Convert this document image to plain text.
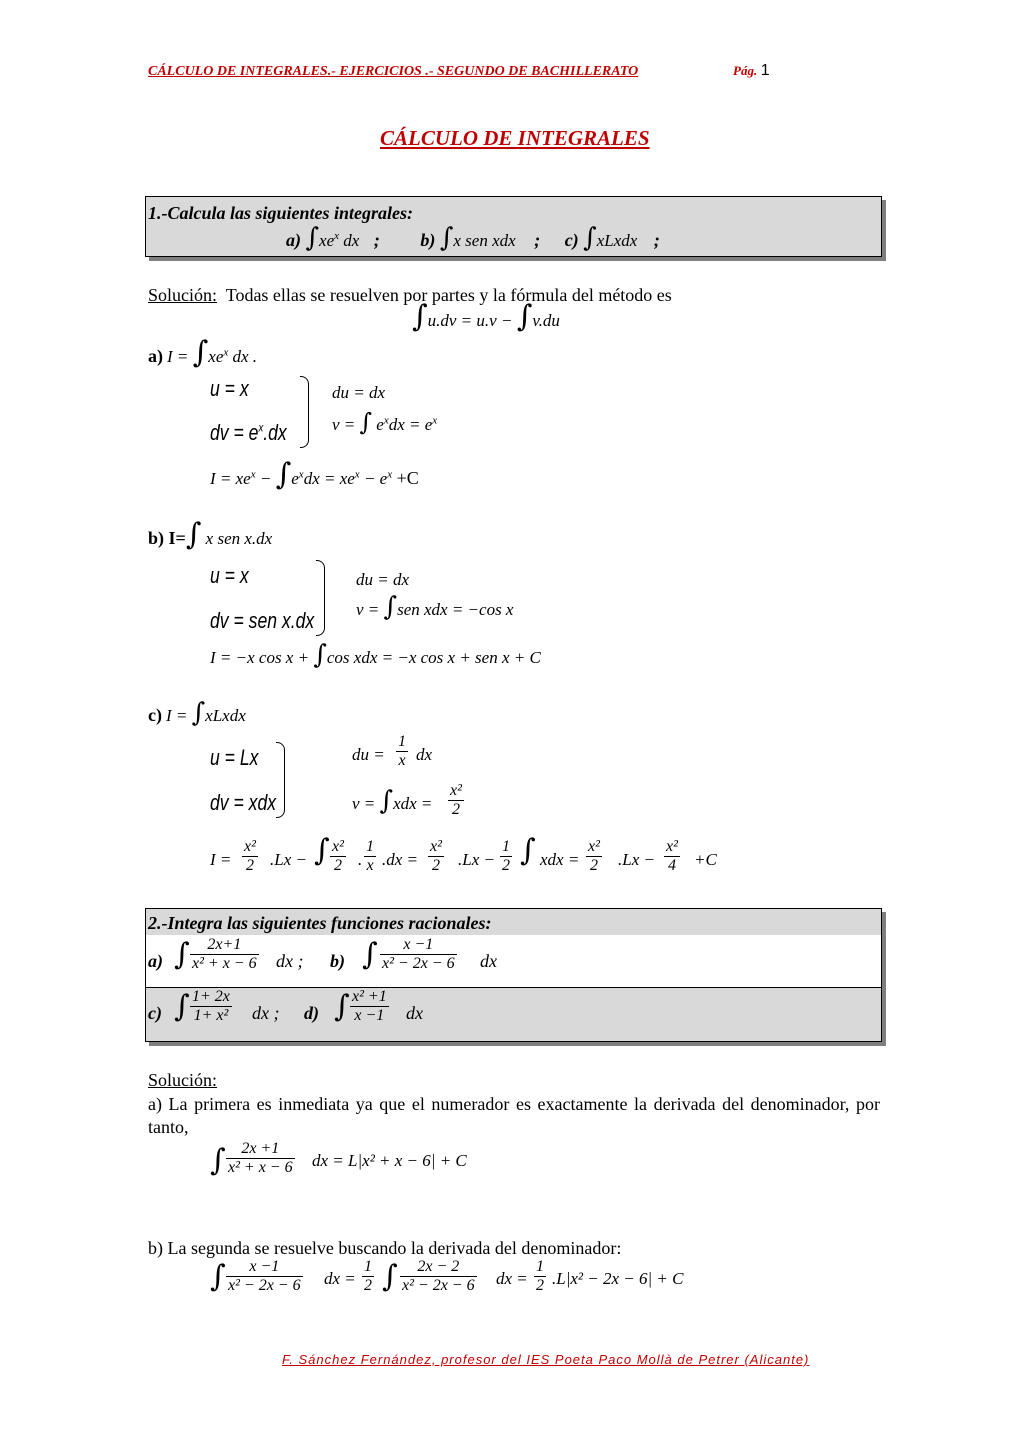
CÁLCULO DE INTEGRALES.- EJERCICIOS .- SEGUNDO DE BACHILLERATO	Pág. 1
CÁLCULO DE INTEGRALES
1.-Calcula las siguientes integrales:
a) $\int xe^x$ dx ; b) ∫x sen xdx ; c) ∫xLxdx ;
Solución: Todas ellas se resuelven por partes y la fórmula del método es
∫u.dv = u.v − ∫v.du
a) $I = \int xe^x$ dx .
u = x
dv = $e^x.dx$
du = dx
v = ∫ $e^xdx = e^x$
$I = xe^x - \int e^xdx = xe^x - e^x +C$
b) I=∫ x sen x.dx
u = x
dv = sen x.dx
du = dx
v = ∫sen xdx = −cos x
I = −x cos x + ∫cos xdx = −x cos x + sen x + C
c) I = ∫xLxdx
u = Lx
dv = xdx
du = $\frac{1}{x}$ dx
$v = \int xdx = \frac{\text{x²}}{2}$
$I = \frac{\text{x²}}{2} .Lx$ − ∫ $\frac{\text{x²}}{2}$ . $\frac{1}{x} .dx = \frac{\text{x²}}{2} .Lx - \frac{1}{2}$ ∫ xdx = $\frac{\text{x²}}{2} .Lx - \frac{\text{x²}}{4} +C$
2.-Integra las siguientes funciones racionales:
a) ∫ $\frac{2x+1}{\text{x² + x − 6}}$ dx ; b) ∫ $\frac{x -1}{\text{x² − 2x − 6}}$ dx
c) ∫ $\frac{1+ 2x}{\text{1+ x²}}$ dx ; d) ∫ $\frac{\text{x² +1}}{x -1}$ dx
Solución:
a) La primera es inmediata ya que el numerador es exactamente la derivada del denominador, por tanto,
∫ $\frac{2x +1}{\text{x² + x − 6}}$ dx = L|x² + x − 6| + C
b) La segunda se resuelve buscando la derivada del denominador:
∫ $\frac{x -1}{\text{x² − 2x − 6}}$ dx = $\frac{1}{2}$ ∫ $\frac{2x - 2}{\text{x² − 2x − 6}}$ dx = $\frac{1}{2} .L|x^2 - 2x - 6| + C$
F. Sánchez Fernández, profesor del IES Poeta Paco Mollà de Petrer (Alicante)
